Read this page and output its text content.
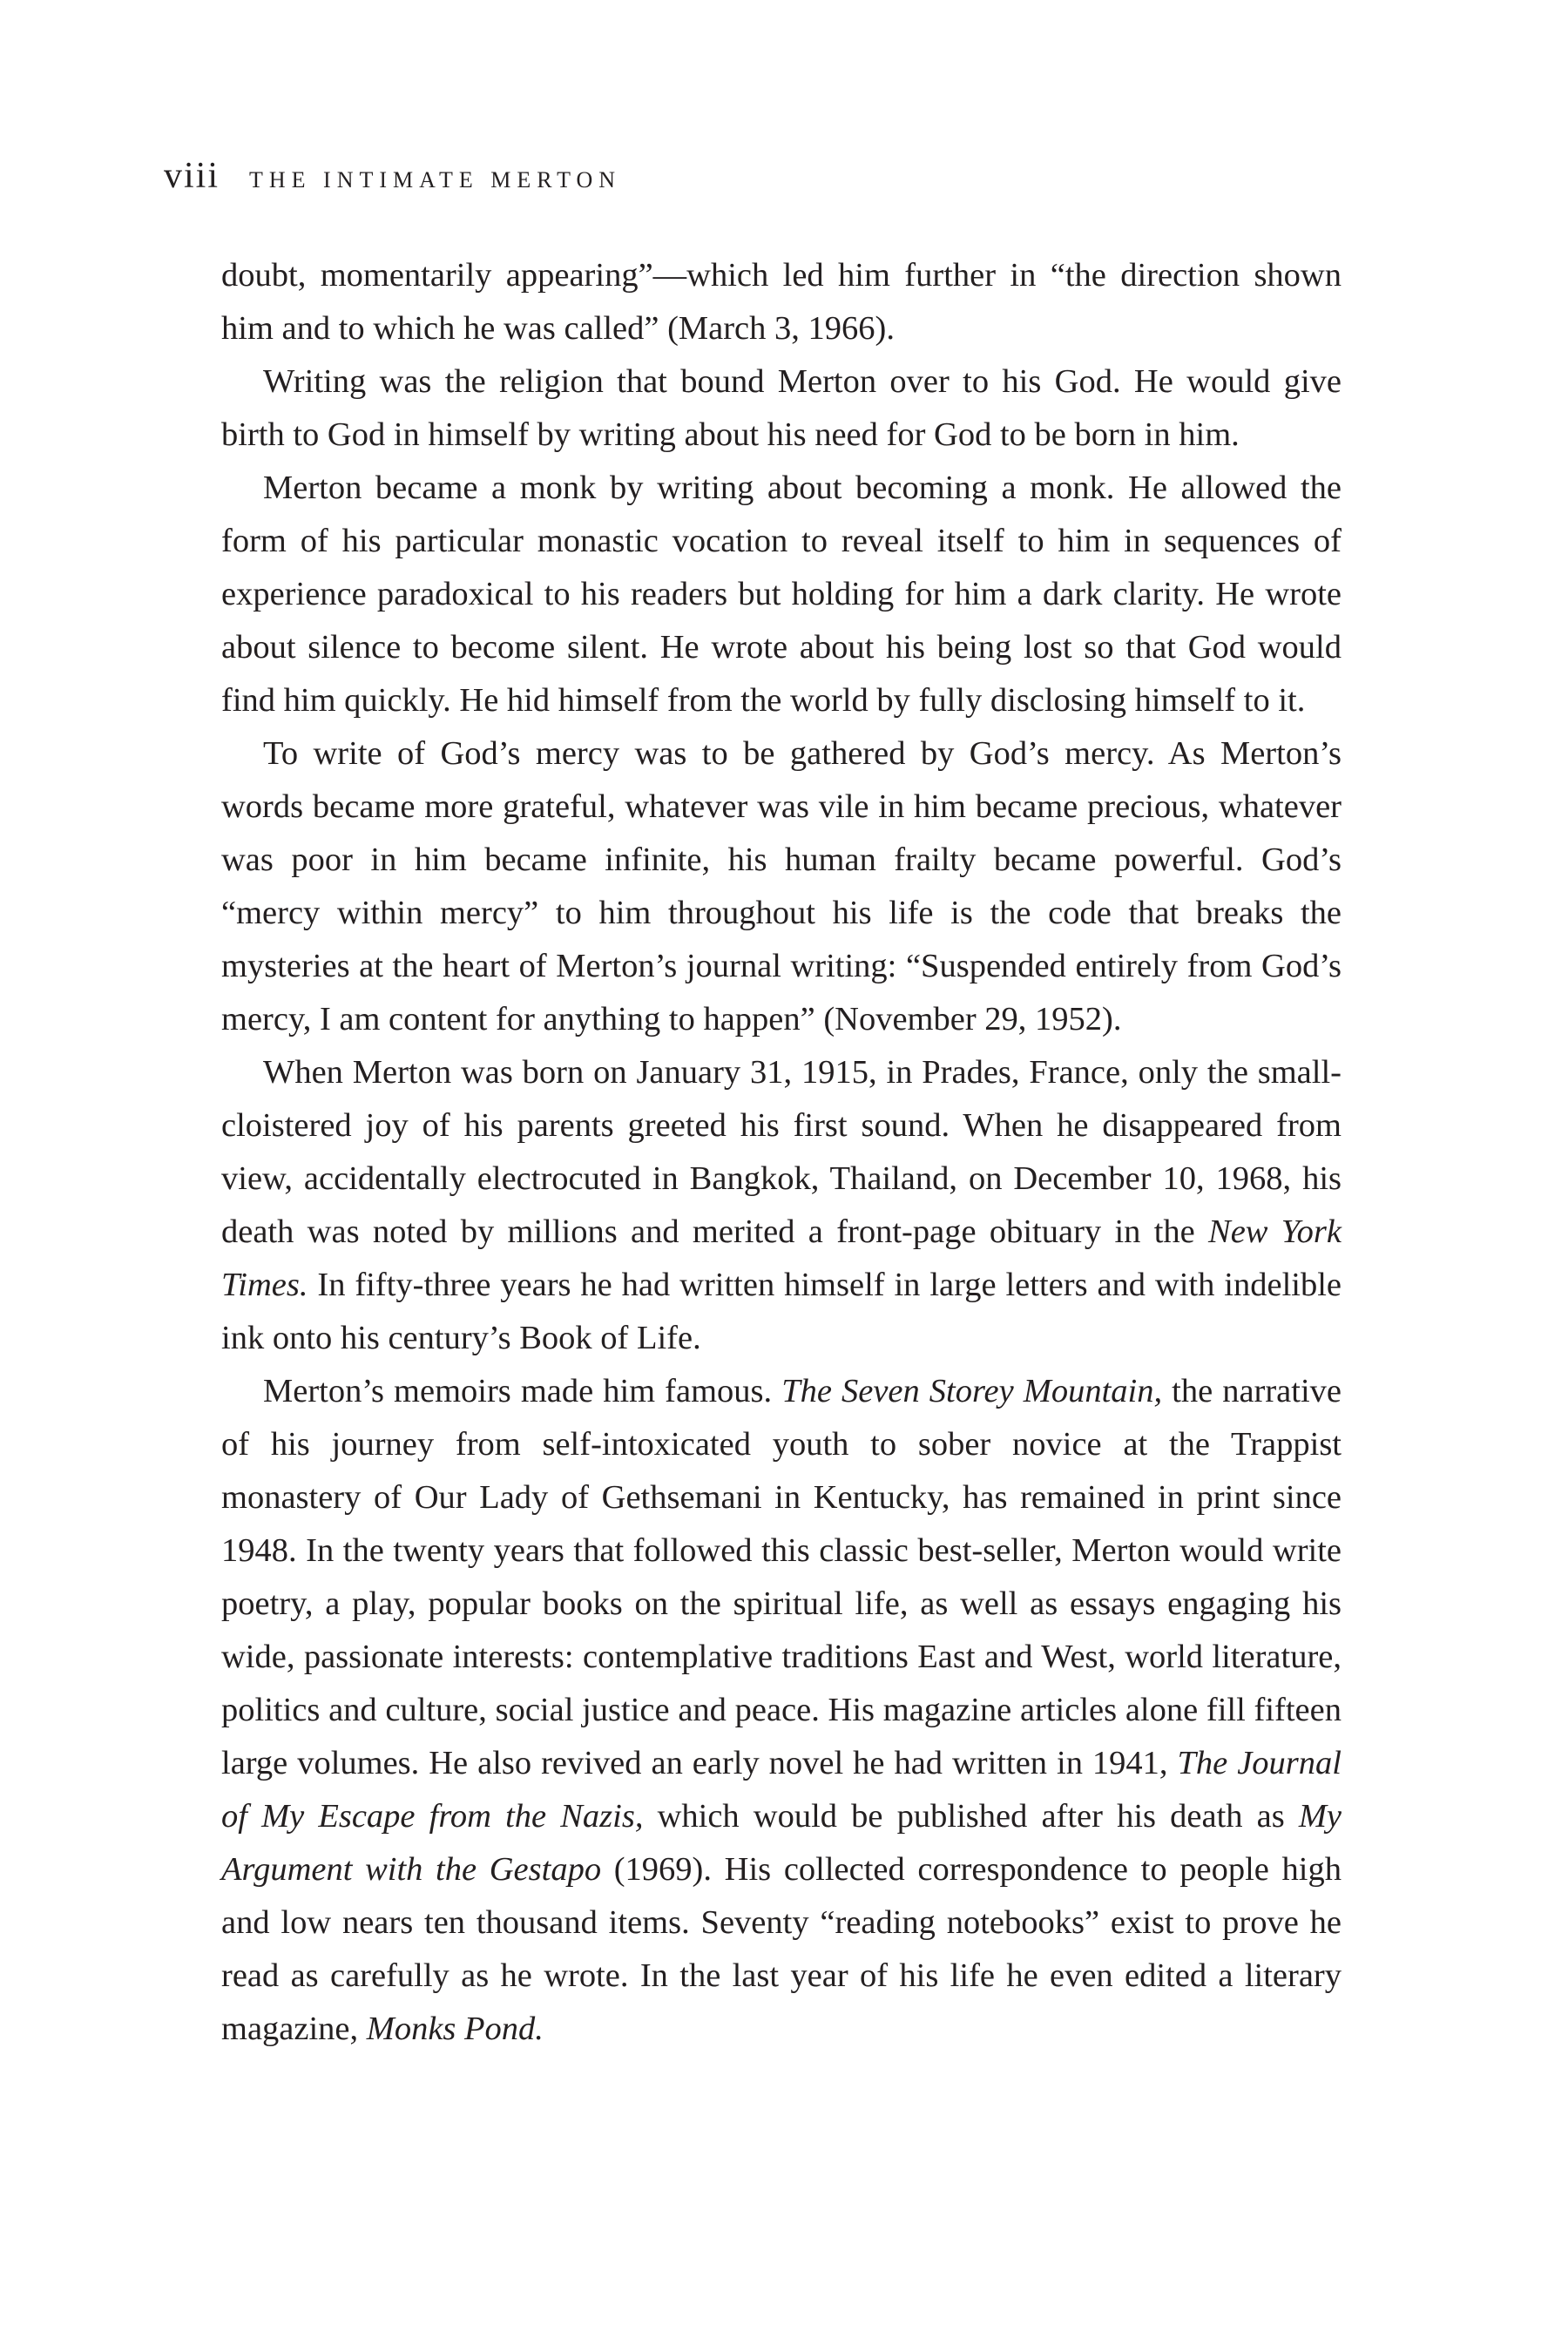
viii THE INTIMATE MERTON

doubt, momentarily appearing”—which led him further in “the direction shown him and to which he was called” (March 3, 1966).

Writing was the religion that bound Merton over to his God. He would give birth to God in himself by writing about his need for God to be born in him.

Merton became a monk by writing about becoming a monk. He allowed the form of his particular monastic vocation to reveal itself to him in sequences of experience paradoxical to his readers but holding for him a dark clarity. He wrote about silence to become silent. He wrote about his being lost so that God would find him quickly. He hid himself from the world by fully disclosing himself to it.

To write of God’s mercy was to be gathered by God’s mercy. As Merton’s words became more grateful, whatever was vile in him became precious, whatever was poor in him became infinite, his human frailty became powerful. God’s “mercy within mercy” to him throughout his life is the code that breaks the mysteries at the heart of Merton’s journal writing: “Suspended entirely from God’s mercy, I am content for anything to happen” (November 29, 1952).

When Merton was born on January 31, 1915, in Prades, France, only the small-cloistered joy of his parents greeted his first sound. When he disappeared from view, accidentally electrocuted in Bangkok, Thailand, on December 10, 1968, his death was noted by millions and merited a front-page obituary in the New York Times. In fifty-three years he had written himself in large letters and with indelible ink onto his century’s Book of Life.

Merton’s memoirs made him famous. The Seven Storey Mountain, the narrative of his journey from self-intoxicated youth to sober novice at the Trappist monastery of Our Lady of Gethsemani in Kentucky, has remained in print since 1948. In the twenty years that followed this classic best-seller, Merton would write poetry, a play, popular books on the spiritual life, as well as essays engaging his wide, passionate interests: contemplative traditions East and West, world literature, politics and culture, social justice and peace. His magazine articles alone fill fifteen large volumes. He also revived an early novel he had written in 1941, The Journal of My Escape from the Nazis, which would be published after his death as My Argument with the Gestapo (1969). His collected correspondence to people high and low nears ten thousand items. Seventy “reading notebooks” exist to prove he read as carefully as he wrote. In the last year of his life he even edited a literary magazine, Monks Pond.
